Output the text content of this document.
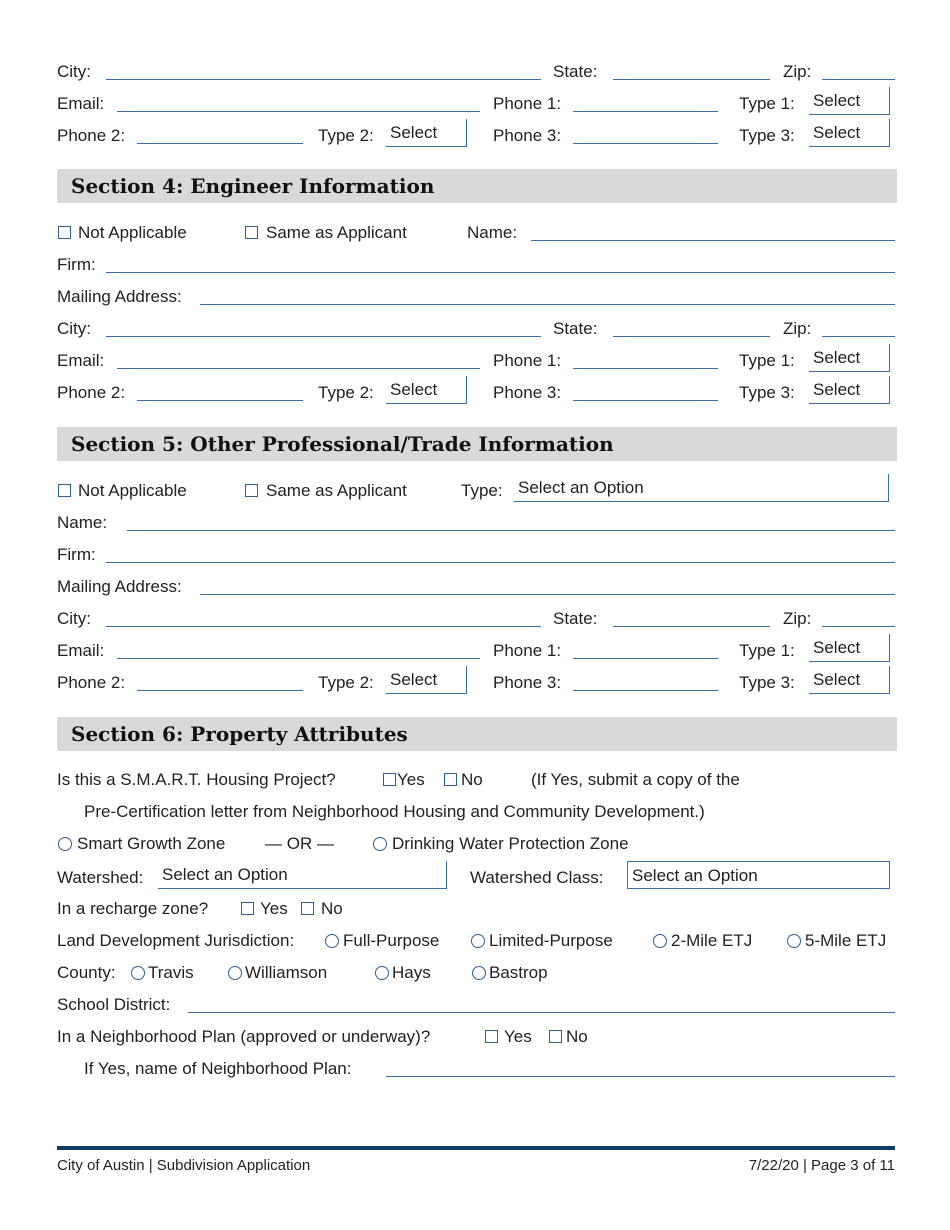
City:	State:	Zip:
Email:	Phone 1:	Type 1: Select
Phone 2:	Type 2: Select	Phone 3:	Type 3: Select
Section 4: Engineer Information
Not Applicable	Same as Applicant	Name:
Firm:
Mailing Address:
City:	State:	Zip:
Email:	Phone 1:	Type 1: Select
Phone 2:	Type 2: Select	Phone 3:	Type 3: Select
Section 5: Other Professional/Trade Information
Not Applicable	Same as Applicant	Type: Select an Option
Name:
Firm:
Mailing Address:
City:	State:	Zip:
Email:	Phone 1:	Type 1: Select
Phone 2:	Type 2: Select	Phone 3:	Type 3: Select
Section 6: Property Attributes
Is this a S.M.A.R.T. Housing Project?	Yes No	(If Yes, submit a copy of the
Pre-Certification letter from Neighborhood Housing and Community Development.)
Smart Growth Zone — OR —	Drinking Water Protection Zone
Watershed: Select an Option	Watershed Class: Select an Option
In a recharge zone?	Yes No
Land Development Jurisdiction:	Full-Purpose	Limited-Purpose	2-Mile ETJ	5-Mile ETJ
County: Travis	Williamson	Hays	Bastrop
School District:
In a Neighborhood Plan (approved or underway)?	Yes No
If Yes, name of Neighborhood Plan:
City of Austin | Subdivision Application	7/22/20 | Page 3 of 11
